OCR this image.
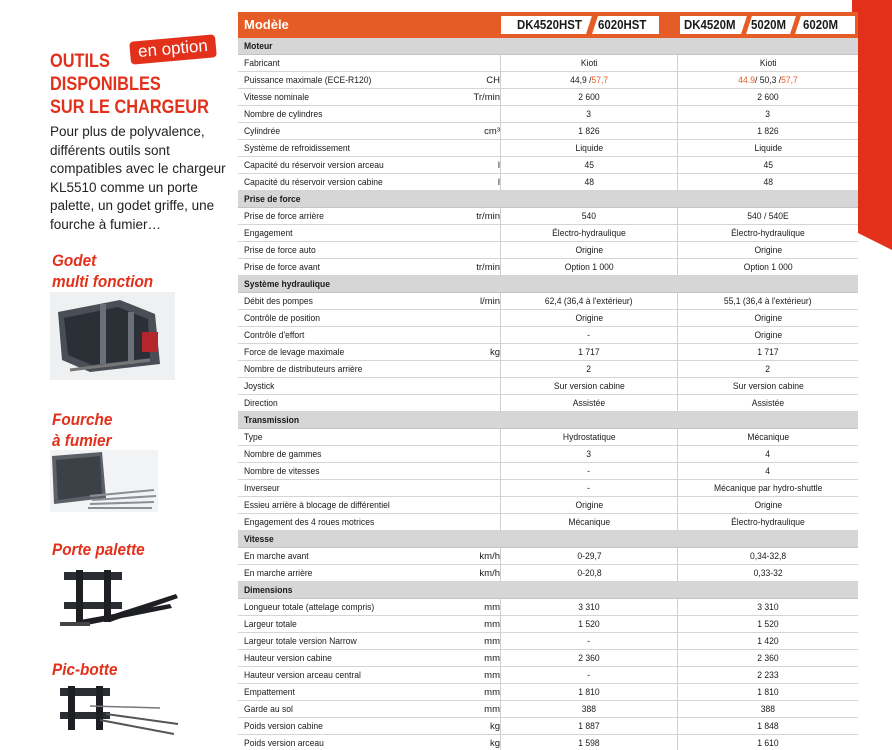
OUTILS
DISPONIBLES
SUR LE CHARGEUR
en option

Pour plus de polyvalence, différents outils sont compatibles avec le chargeur KL5510 comme un porte palette, un godet griffe, une fourche à fumier…

Godet
multi fonction
Fourche
à fumier
Porte palette
Pic-botte
Modèle	DK4520HST 6020HST	DK4520M 5020M 6020M
Moteur
Fabricant	Kioti	Kioti
Puissance maximale (ECE-R120)	CH	44,9 /57,7	44.9/ 50,3 /57,7
Vitesse nominale	Tr/min	2 600	2 600
Nombre de cylindres	3	3
Cylindrée	cm³	1 826	1 826
Système de refroidissement	Liquide	Liquide
Capacité du réservoir version arceau	l	45	45
Capacité du réservoir version cabine	l	48	48
Prise de force
Prise de force arrière	tr/min	540	540 / 540E
Engagement	Électro-hydraulique	Électro-hydraulique
Prise de force auto	Origine	Origine
Prise de force avant	tr/min	Option 1 000	Option 1 000
Système hydraulique
Débit des pompes	l/min	62,4 (36,4 à l'extérieur)	55,1 (36,4 à l'extérieur)
Contrôle de position	Origine	Origine
Contrôle d'effort	-	Origine
Force de levage maximale	kg	1 717	1 717
Nombre de distributeurs arrière	2	2
Joystick	Sur version cabine	Sur version cabine
Direction	Assistée	Assistée
Transmission
Type	Hydrostatique	Mécanique
Nombre de gammes	3	4
Nombre de vitesses	-	4
Inverseur	-	Mécanique par hydro-shuttle
Essieu arrière à blocage de différentiel	Origine	Origine
Engagement des 4 roues motrices	Mécanique	Électro-hydraulique
Vitesse
En marche avant	km/h	0-29,7	0,34-32,8
En marche arrière	km/h	0-20,8	0,33-32
Dimensions
Longueur totale (attelage compris)	mm	3 310	3 310
Largeur totale	mm	1 520	1 520
Largeur totale version Narrow	mm	-	1 420
Hauteur version cabine	mm	2 360	2 360
Hauteur version arceau central	mm	-	2 233
Empattement	mm	1 810	1 810
Garde au sol	mm	388	388
Poids version cabine	kg	1 887	1 848
Poids version arceau	kg	1 598	1 610
